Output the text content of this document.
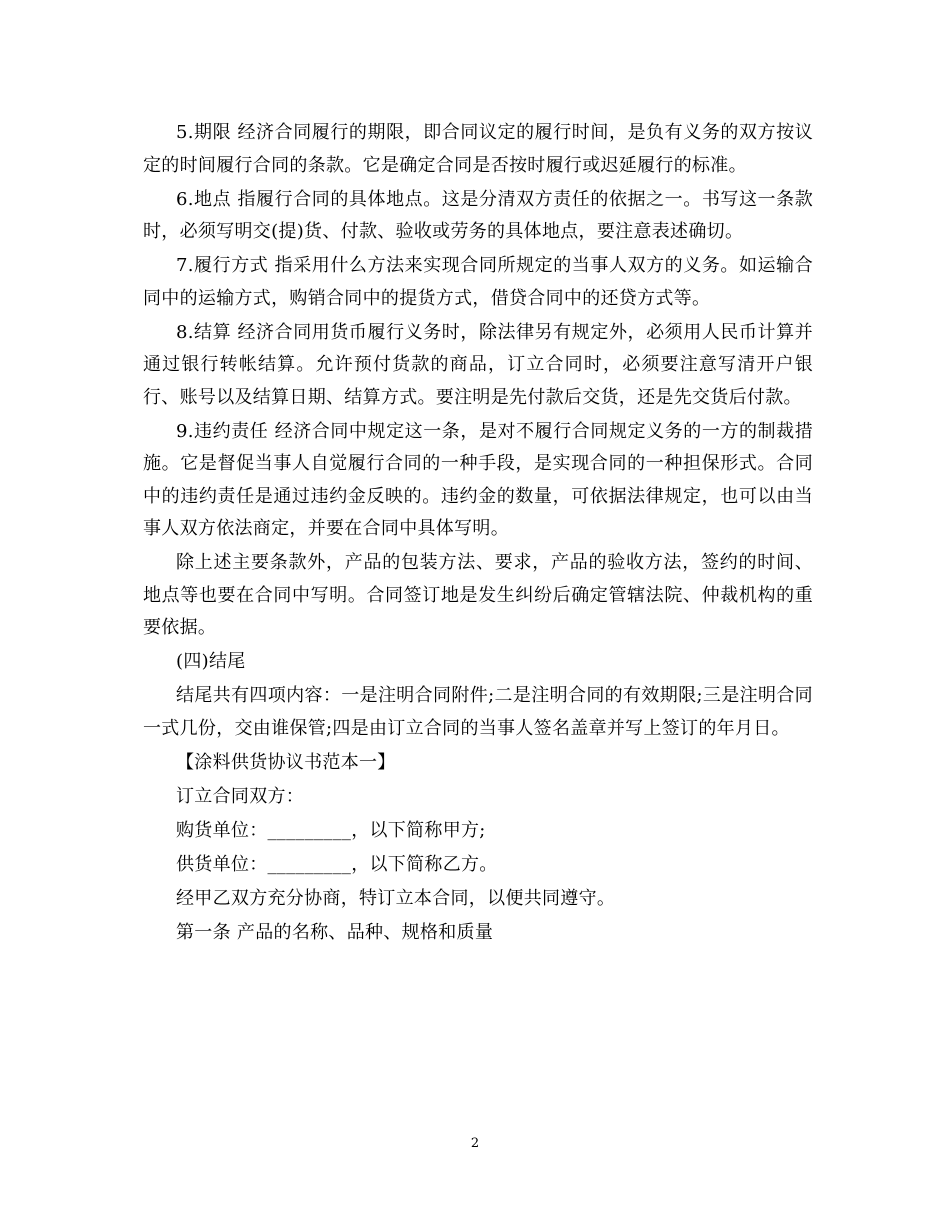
5.期限 经济合同履行的期限，即合同议定的履行时间，是负有义务的双方按议定的时间履行合同的条款。它是确定合同是否按时履行或迟延履行的标准。

6.地点 指履行合同的具体地点。这是分清双方责任的依据之一。书写这一条款时，必须写明交(提)货、付款、验收或劳务的具体地点，要注意表述确切。

7.履行方式 指采用什么方法来实现合同所规定的当事人双方的义务。如运输合同中的运输方式，购销合同中的提货方式，借贷合同中的还贷方式等。

8.结算 经济合同用货币履行义务时，除法律另有规定外，必须用人民币计算并通过银行转帐结算。允许预付货款的商品，订立合同时，必须要注意写清开户银行、账号以及结算日期、结算方式。要注明是先付款后交货，还是先交货后付款。

9.违约责任 经济合同中规定这一条，是对不履行合同规定义务的一方的制裁措施。它是督促当事人自觉履行合同的一种手段，是实现合同的一种担保形式。合同中的违约责任是通过违约金反映的。违约金的数量，可依据法律规定，也可以由当事人双方依法商定，并要在合同中具体写明。

除上述主要条款外，产品的包装方法、要求，产品的验收方法，签约的时间、地点等也要在合同中写明。合同签订地是发生纠纷后确定管辖法院、仲裁机构的重要依据。

(四)结尾

结尾共有四项内容：一是注明合同附件;二是注明合同的有效期限;三是注明合同一式几份，交由谁保管;四是由订立合同的当事人签名盖章并写上签订的年月日。

【涂料供货协议书范本一】

订立合同双方：

购货单位：_________，以下简称甲方;

供货单位：_________，以下简称乙方。

经甲乙双方充分协商，特订立本合同，以便共同遵守。

第一条 产品的名称、品种、规格和质量

2
